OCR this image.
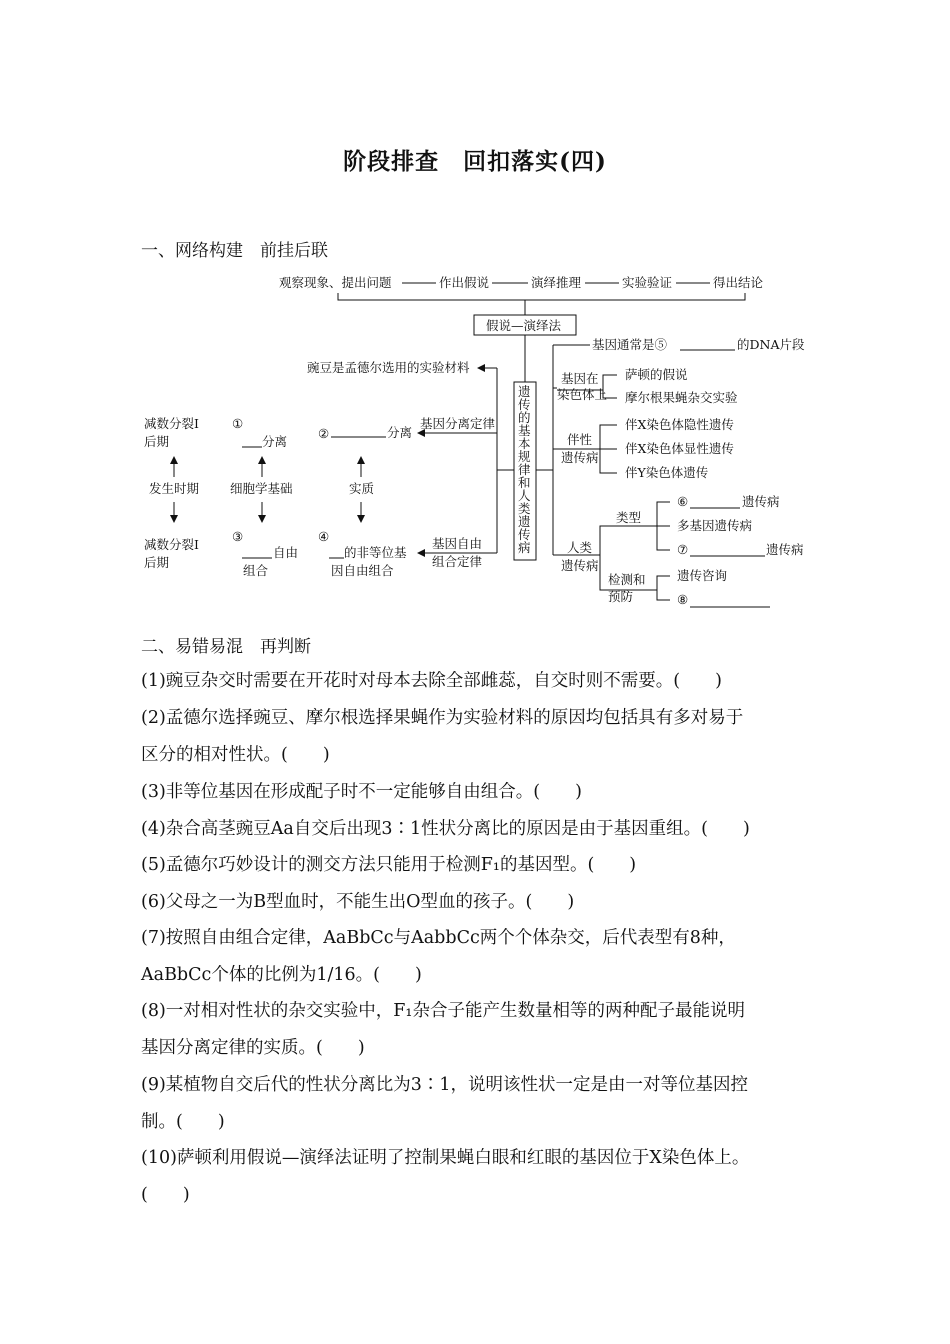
阶段排查　回扣落实(四)
一、网络构建　前挂后联
观察现象、提出问题	作出假说	演绎推理	实验验证	得出结论
假说—演绎法
遗
传
的
基
本
规
律
和
人
类
遗
传
病
豌豆是孟德尔选用的实验材料
基因分离定律
基因自由
组合定律
①
分离
②	分离
减数分裂Ⅰ
后期
发生时期 细胞学基础	实质
减数分裂Ⅰ
后期
③
自由
组合
④
的非等位基
因自由组合
基因通常是⑤	的DNA片段
基因在
染色体上
萨顿的假说
摩尔根果蝇杂交实验
伴性
遗传病
伴X染色体隐性遗传
伴X染色体显性遗传
伴Y染色体遗传
人类
遗传病
类型
检测和
预防
⑥	遗传病
多基因遗传病
⑦	遗传病
遗传咨询
⑧
二、易错易混　再判断
(1)豌豆杂交时需要在开花时对母本去除全部雌蕊，自交时则不需要。(　　)
(2)孟德尔选择豌豆、摩尔根选择果蝇作为实验材料的原因均包括具有多对易于
区分的相对性状。(　　)
(3)非等位基因在形成配子时不一定能够自由组合。(　　)
(4)杂合高茎豌豆Aa自交后出现3∶1性状分离比的原因是由于基因重组。(　　)
(5)孟德尔巧妙设计的测交方法只能用于检测F₁的基因型。(　　)
(6)父母之一为B型血时，不能生出O型血的孩子。(　　)
(7)按照自由组合定律，AaBbCc与AabbCc两个个体杂交，后代表型有8种，
AaBbCc个体的比例为1/16。(　　)
(8)一对相对性状的杂交实验中，F₁杂合子能产生数量相等的两种配子最能说明
基因分离定律的实质。(　　)
(9)某植物自交后代的性状分离比为3∶1，说明该性状一定是由一对等位基因控
制。(　　)
(10)萨顿利用假说—演绎法证明了控制果蝇白眼和红眼的基因位于X染色体上。
(　　)
